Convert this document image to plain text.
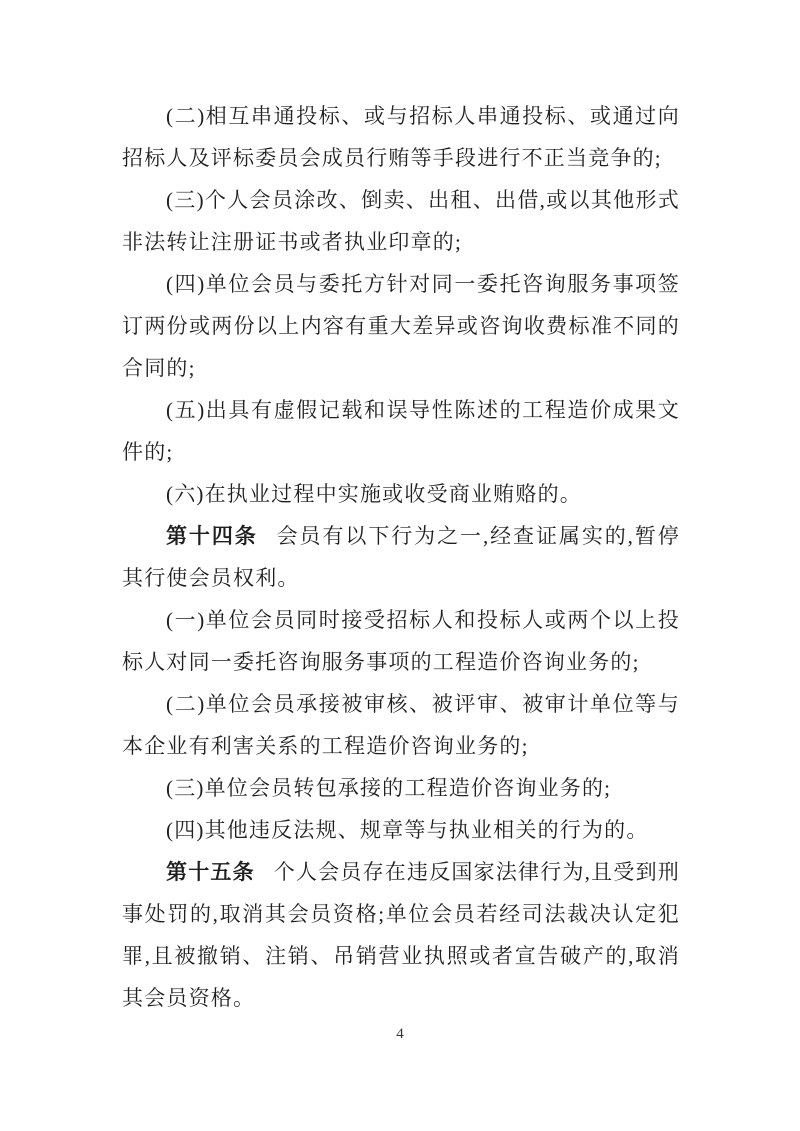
(二)相互串通投标、或与招标人串通投标、或通过向招标人及评标委员会成员行贿等手段进行不正当竞争的;

(三)个人会员涂改、倒卖、出租、出借,或以其他形式非法转让注册证书或者执业印章的;

(四)单位会员与委托方针对同一委托咨询服务事项签订两份或两份以上内容有重大差异或咨询收费标准不同的合同的;

(五)出具有虚假记载和误导性陈述的工程造价成果文件的;

(六)在执业过程中实施或收受商业贿赂的。

第十四条 会员有以下行为之一,经查证属实的,暂停其行使会员权利。

(一)单位会员同时接受招标人和投标人或两个以上投标人对同一委托咨询服务事项的工程造价咨询业务的;

(二)单位会员承接被审核、被评审、被审计单位等与本企业有利害关系的工程造价咨询业务的;

(三)单位会员转包承接的工程造价咨询业务的;

(四)其他违反法规、规章等与执业相关的行为的。

第十五条 个人会员存在违反国家法律行为,且受到刑事处罚的,取消其会员资格;单位会员若经司法裁决认定犯罪,且被撤销、注销、吊销营业执照或者宣告破产的,取消其会员资格。

4
